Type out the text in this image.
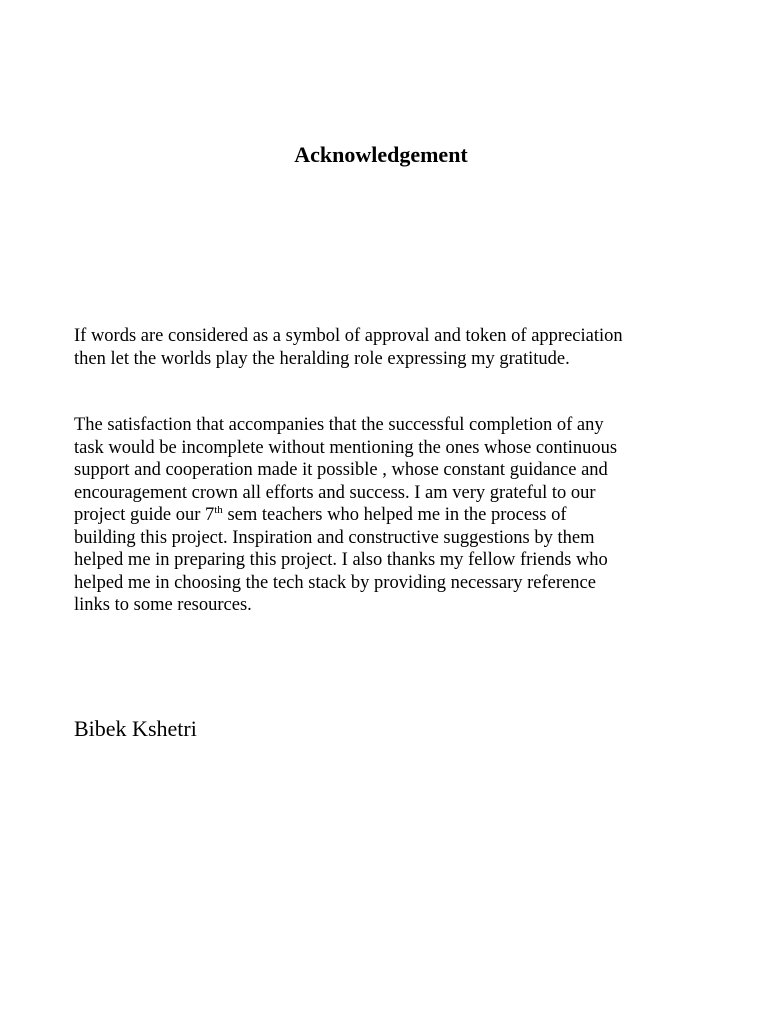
Acknowledgement

If words are considered as a symbol of approval and token of appreciation
then let the worlds play the heralding role expressing my gratitude.

The satisfaction that accompanies that the successful completion of any
task would be incomplete without mentioning the ones whose continuous
support and cooperation made it possible , whose constant guidance and
encouragement crown all efforts and success. I am very grateful to our
project guide our 7th sem teachers who helped me in the process of
building this project. Inspiration and constructive suggestions by them
helped me in preparing this project. I also thanks my fellow friends who
helped me in choosing the tech stack by providing necessary reference
links to some resources.

Bibek Kshetri
